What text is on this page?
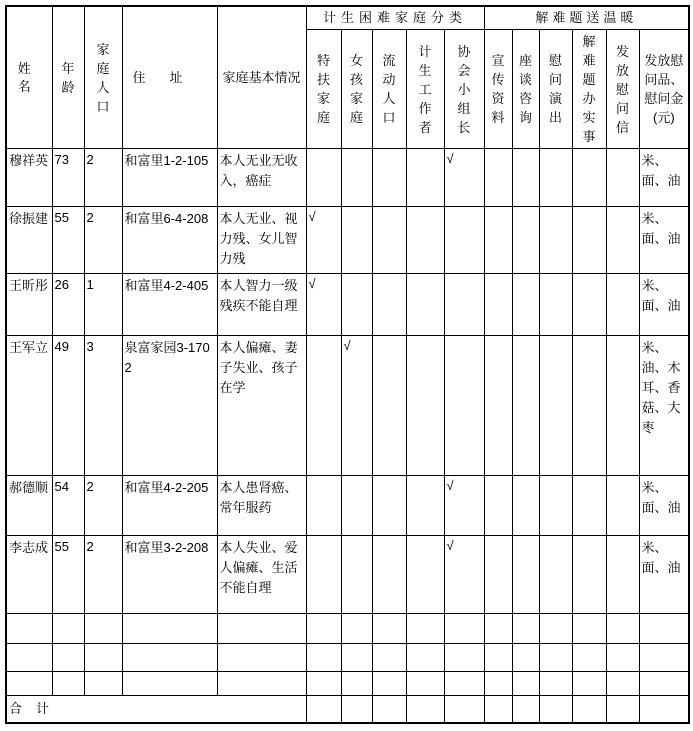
姓名	年龄	家庭人口	住址	家庭基本情况	计生困难家庭分类					解难题送温暖					
					特扶家庭	女孩家庭	流动人口	计生工作者	协会小组长	宣传资料	座谈咨询	慰问演出	解难题办实事	发放慰问信	发放慰问品、慰问金(元)
穆祥英	73	2	和富里1-2-105	本人无业无收入，癌症					√						米、面、油
徐振建	55	2	和富里6-4-208	本人无业、视力残、女儿智力残	√										米、面、油
王昕彤	26	1	和富里4-2-405	本人智力一级残疾不能自理	√										米、面、油
王军立	49	3	泉富家园3-1702	本人偏瘫、妻子失业、孩子在学		√									米、油、木耳、香菇、大枣
郝德顺	54	2	和富里4-2-205	本人患肾癌、常年服药					√						米、面、油
李志成	55	2	和富里3-2-208	本人失业、爱人偏瘫、生活不能自理					√						米、面、油

合计															
